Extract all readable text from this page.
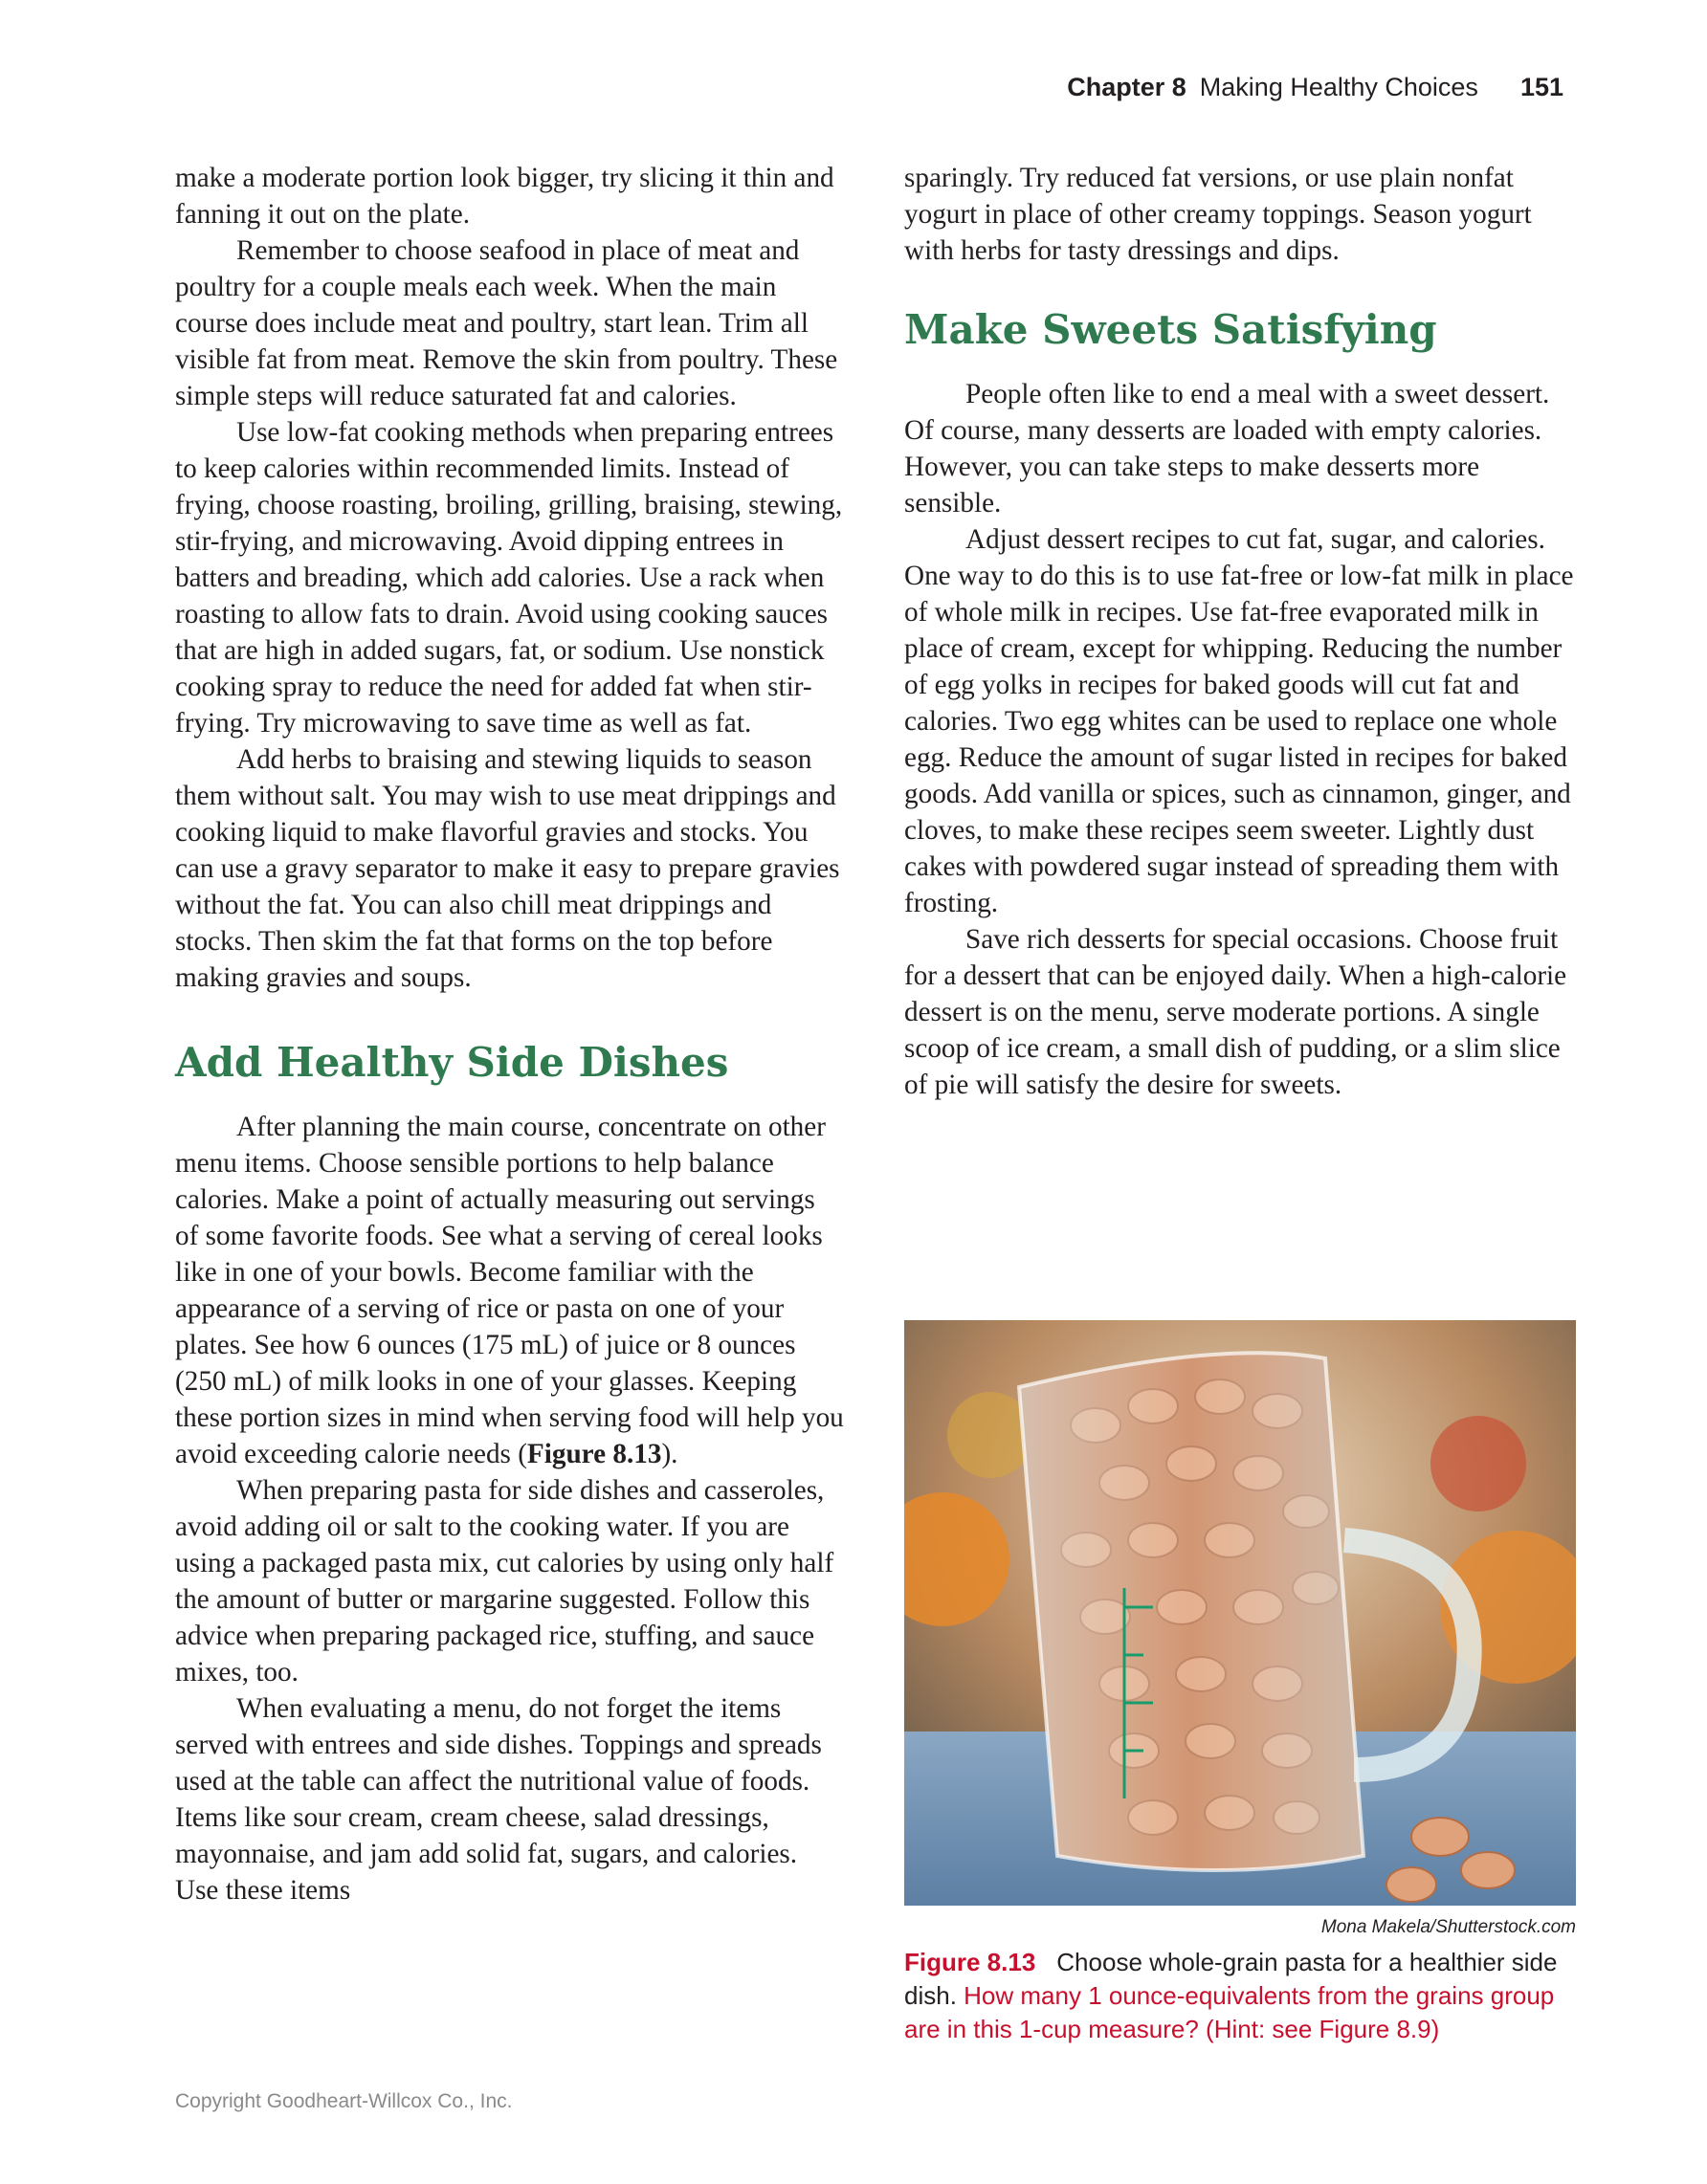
Chapter 8 Making Healthy Choices 151

make a moderate portion look bigger, try slicing it thin and fanning it out on the plate.

Remember to choose seafood in place of meat and poultry for a couple meals each week. When the main course does include meat and poultry, start lean. Trim all visible fat from meat. Remove the skin from poultry. These simple steps will reduce saturated fat and calories.

Use low-fat cooking methods when preparing entrees to keep calories within recommended limits. Instead of frying, choose roasting, broiling, grilling, braising, stewing, stir-frying, and microwaving. Avoid dipping entrees in batters and breading, which add calories. Use a rack when roasting to allow fats to drain. Avoid using cooking sauces that are high in added sugars, fat, or sodium. Use nonstick cooking spray to reduce the need for added fat when stir-frying. Try microwaving to save time as well as fat.

Add herbs to braising and stewing liquids to season them without salt. You may wish to use meat drippings and cooking liquid to make flavorful gravies and stocks. You can use a gravy separator to make it easy to prepare gravies without the fat. You can also chill meat drippings and stocks. Then skim the fat that forms on the top before making gravies and soups.

Add Healthy Side Dishes

After planning the main course, concentrate on other menu items. Choose sensible portions to help balance calories. Make a point of actually measuring out servings of some favorite foods. See what a serving of cereal looks like in one of your bowls. Become familiar with the appearance of a serving of rice or pasta on one of your plates. See how 6 ounces (175 mL) of juice or 8 ounces (250 mL) of milk looks in one of your glasses. Keeping these portion sizes in mind when serving food will help you avoid exceeding calorie needs (Figure 8.13).

When preparing pasta for side dishes and casseroles, avoid adding oil or salt to the cooking water. If you are using a packaged pasta mix, cut calories by using only half the amount of butter or margarine suggested. Follow this advice when preparing packaged rice, stuffing, and sauce mixes, too.

When evaluating a menu, do not forget the items served with entrees and side dishes. Toppings and spreads used at the table can affect the nutritional value of foods. Items like sour cream, cream cheese, salad dressings, mayonnaise, and jam add solid fat, sugars, and calories. Use these items

sparingly. Try reduced fat versions, or use plain nonfat yogurt in place of other creamy toppings. Season yogurt with herbs for tasty dressings and dips.

Make Sweets Satisfying

People often like to end a meal with a sweet dessert. Of course, many desserts are loaded with empty calories. However, you can take steps to make desserts more sensible.

Adjust dessert recipes to cut fat, sugar, and calories. One way to do this is to use fat-free or low-fat milk in place of whole milk in recipes. Use fat-free evaporated milk in place of cream, except for whipping. Reducing the number of egg yolks in recipes for baked goods will cut fat and calories. Two egg whites can be used to replace one whole egg. Reduce the amount of sugar listed in recipes for baked goods. Add vanilla or spices, such as cinnamon, ginger, and cloves, to make these recipes seem sweeter. Lightly dust cakes with powdered sugar instead of spreading them with frosting.

Save rich desserts for special occasions. Choose fruit for a dessert that can be enjoyed daily. When a high-calorie dessert is on the menu, serve moderate portions. A single scoop of ice cream, a small dish of pudding, or a slim slice of pie will satisfy the desire for sweets.

Mona Makela/Shutterstock.com
Figure 8.13 Choose whole-grain pasta for a healthier side dish. How many 1 ounce-equivalents from the grains group are in this 1-cup measure? (Hint: see Figure 8.9)
Copyright Goodheart-Willcox Co., Inc.
